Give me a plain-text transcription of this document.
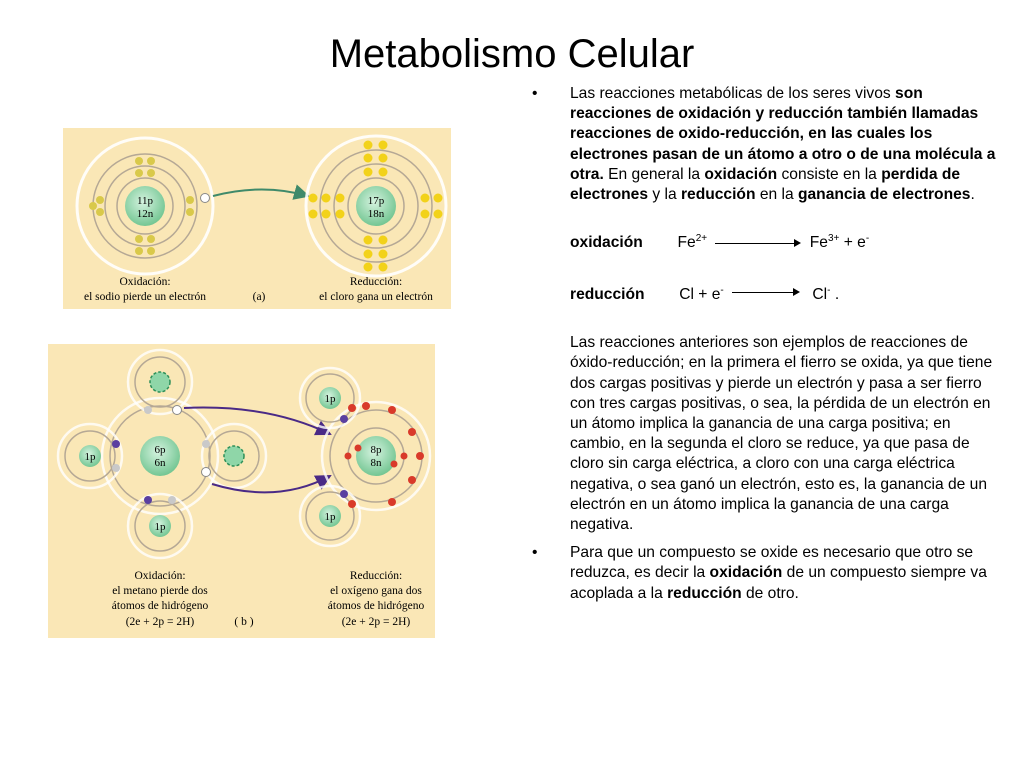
Metabolismo Celular
11p
12n
17p
18n
Oxidación:
el sodio pierde un electrón	(a)
Reducción:
el cloro gana un electrón
6p
6n
1p
1p
8p
8n
1p
1p
Oxidación:
el metano pierde dos
átomos de hidrógeno
(2e + 2p = 2H)	( b )
Reducción:
el oxígeno gana dos
átomos de hidrógeno
(2e + 2p = 2H)
• Las reacciones metabólicas de los seres vivos son reacciones de oxidación y reducción también llamadas reacciones de oxido-reducción, en las cuales los electrones pasan de un átomo a otro o de una molécula a otra. En general la oxidación consiste en la perdida de electrones y la reducción en la ganancia de electrones.

oxidación $Fe^{2+}$	$Fe^{3+} + e^-$
reducción Cl + e-	Cl- .

Las reacciones anteriores son ejemplos de reacciones de óxido-reducción; en la primera el fierro se oxida, ya que tiene dos cargas positivas y pierde un electrón y pasa a ser fierro con tres cargas positivas, o sea, la pérdida de un electrón en un átomo implica la ganancia de una carga positiva; en cambio, en la segunda el cloro se reduce, ya que pasa de cloro sin carga eléctrica, a cloro con una carga eléctrica negativa, o sea ganó un electrón, esto es, la ganancia de un electrón en un átomo implica la ganancia de una carga negativa.

• Para que un compuesto se oxide es necesario que otro se reduzca, es decir la oxidación de un compuesto siempre va acoplada a la reducción de otro.
